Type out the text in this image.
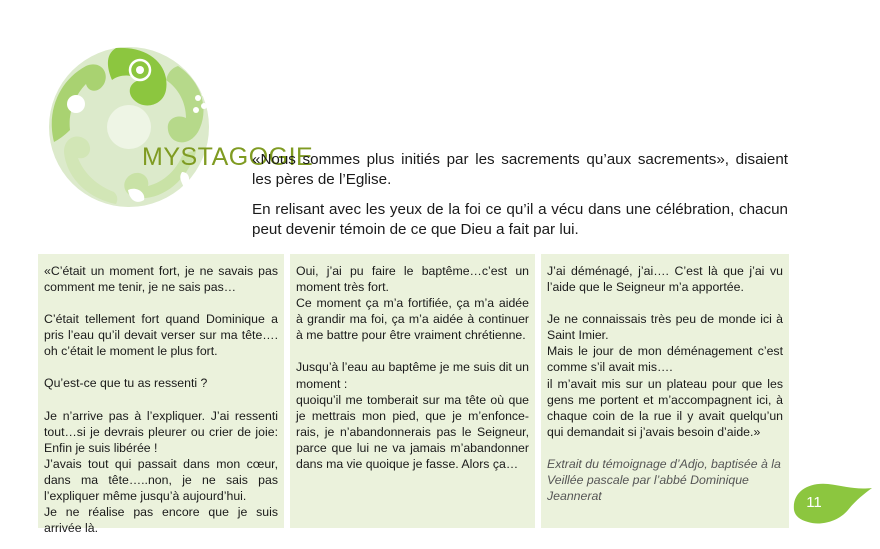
MYSTAGOGIE

«Nous sommes plus initiés par les sacrements qu’aux sacrements», disaient les pères de l’Eglise.

En relisant avec les yeux de la foi ce qu’il a vécu dans une célébration, chacun peut devenir témoin de ce que Dieu a fait par lui.

«C’était un moment fort, je ne savais pas comment me tenir, je ne sais pas…

C’était tellement fort quand Dominique a pris l’eau qu’il devait verser sur ma tête…. oh c’était le moment le plus fort.

Qu’est-ce que tu as ressenti ?

Je n’arrive pas à l’expliquer. J’ai ressenti tout…si je devrais pleurer ou crier de joie: Enfin je suis libérée !
J’avais tout qui passait dans mon cœur, dans ma tête…..non, je ne sais pas l’expliquer même jusqu’à aujourd’hui.
Je ne réalise pas encore que je suis arrivée là.

Oui, j’ai pu faire le baptême…c’est un moment très fort.
Ce moment ça m’a fortifiée, ça m’a aidée à grandir ma foi, ça m’a aidée à continuer à me battre pour être vraiment chrétienne.

Jusqu’à l’eau au baptême je me suis dit un moment :
quoiqu’il me tomberait sur ma tête où que je mettrais mon pied, que je m’enfonce-rais, je n’abandonnerais pas le Seigneur, parce que lui ne va jamais m’abandonner dans ma vie quoique je fasse. Alors ça…

J’ai déménagé, j’ai…. C’est là que j’ai vu l’aide que le Seigneur m’a apportée.

Je ne connaissais très peu de monde ici à Saint Imier.
Mais le jour de mon déménagement c’est comme s’il avait mis….
il m’avait mis sur un plateau pour que les gens me portent et m’accompagnent ici, à chaque coin de la rue il y avait quelqu’un qui demandait si j’avais besoin d’aide.»

Extrait du témoignage d’Adjo, baptisée à la Veillée pascale par l’abbé Dominique Jeannerat	11
